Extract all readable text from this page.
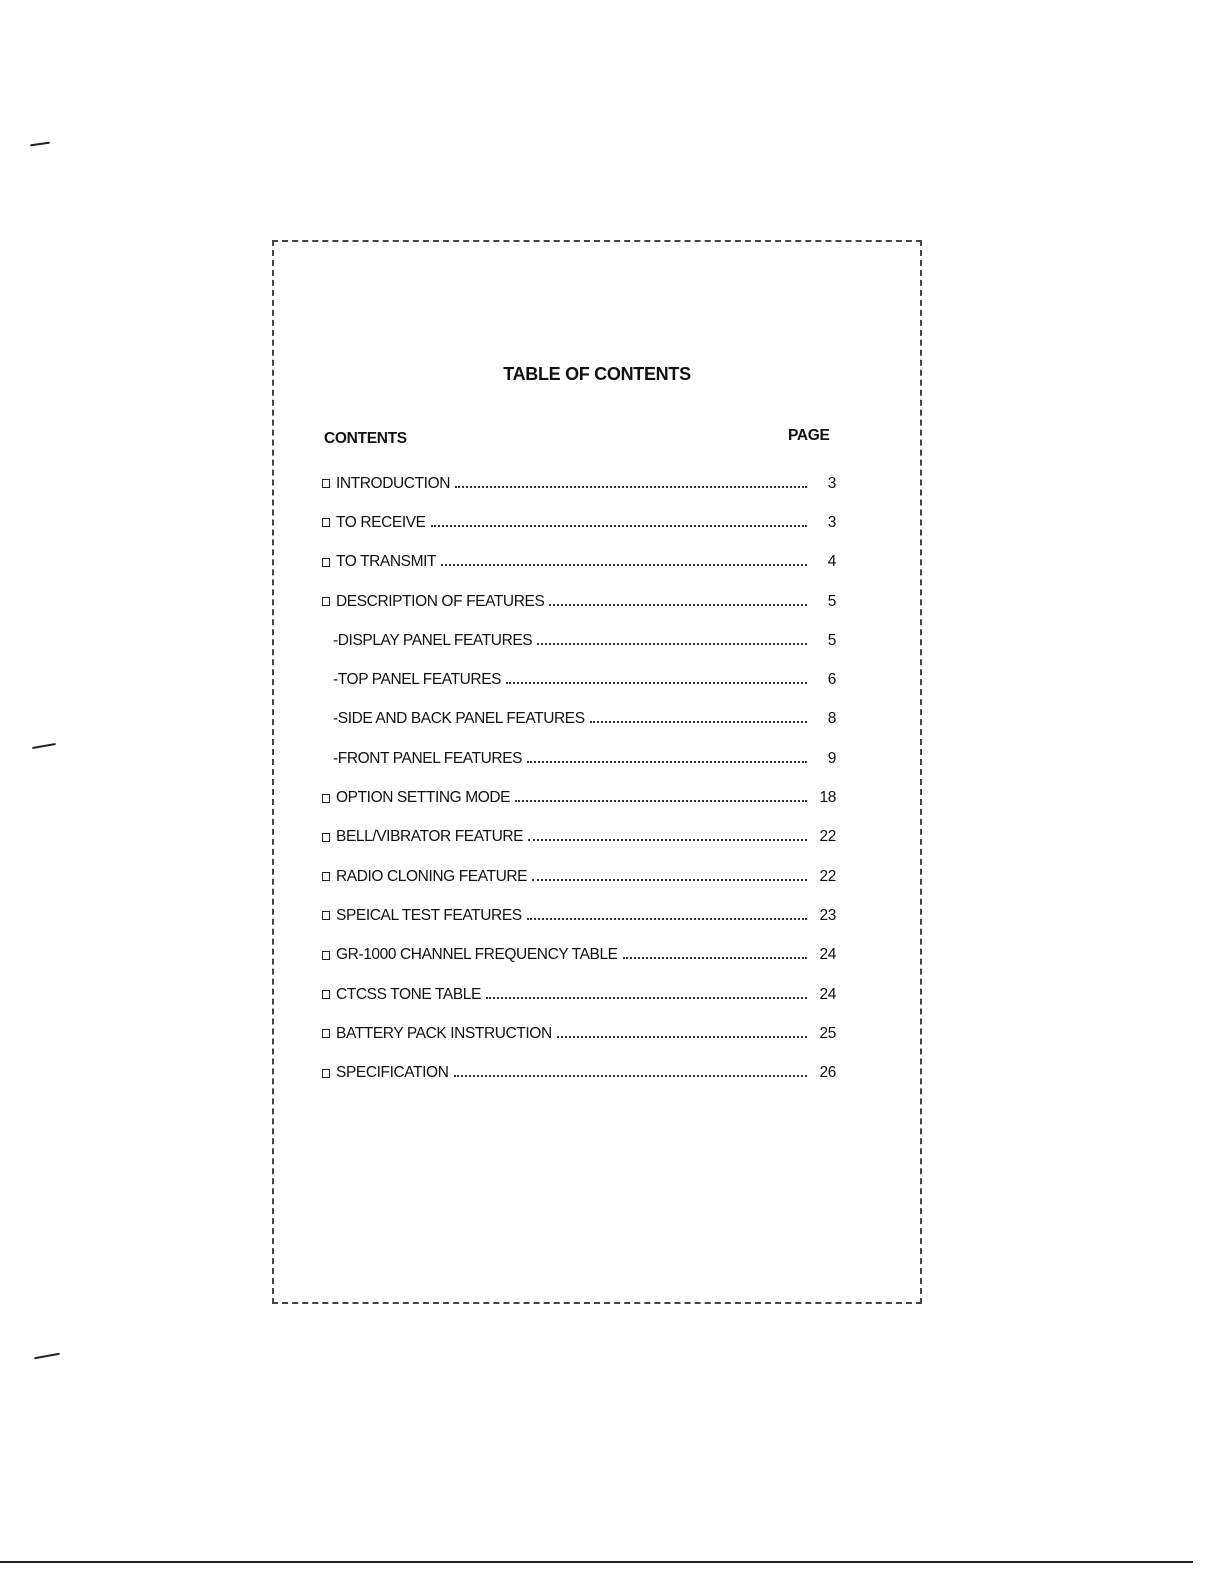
TABLE OF CONTENTS
CONTENTS	PAGE
INTRODUCTION	3
TO RECEIVE	3
TO TRANSMIT	4
DESCRIPTION OF FEATURES	5
-DISPLAY PANEL FEATURES	5
-TOP PANEL FEATURES	6
-SIDE AND BACK PANEL FEATURES	8
-FRONT PANEL FEATURES	9
OPTION SETTING MODE	18
BELL/VIBRATOR FEATURE	22
RADIO CLONING FEATURE	22
SPEICAL TEST FEATURES	23
GR-1000 CHANNEL FREQUENCY TABLE	24
CTCSS TONE TABLE	24
BATTERY PACK INSTRUCTION	25
SPECIFICATION	26
